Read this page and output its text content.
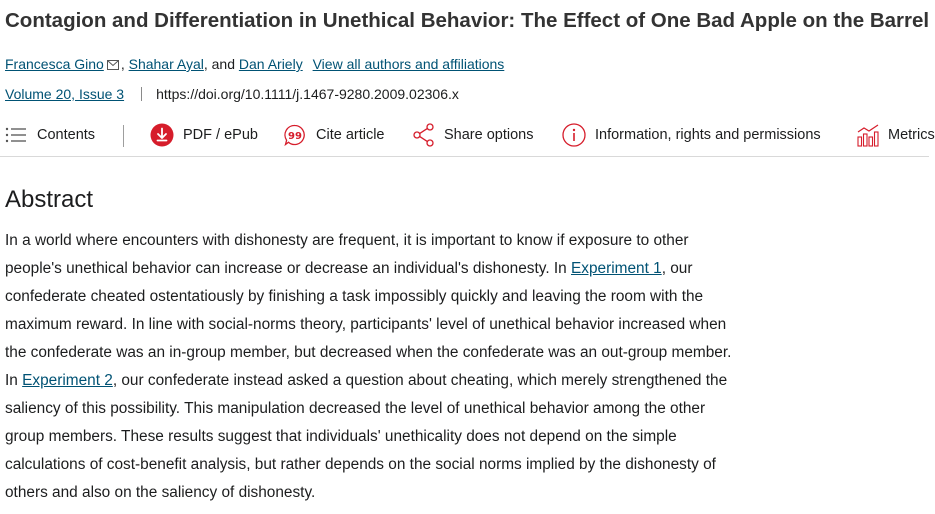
Contagion and Differentiation in Unethical Behavior: The Effect of One Bad Apple on the Barrel
Francesca Gino , Shahar Ayal, and Dan Ariely View all authors and affiliations
Volume 20, Issue 3 https://doi.org/10.1111/j.1467-9280.2009.02306.x
Contents	PDF / ePub	99 Cite article	Share options	Information, rights and permissions	Metrics
Abstract
In a world where encounters with dishonesty are frequent, it is important to know if exposure to other
people's unethical behavior can increase or decrease an individual's dishonesty. In Experiment 1, our
confederate cheated ostentatiously by finishing a task impossibly quickly and leaving the room with the
maximum reward. In line with social-norms theory, participants' level of unethical behavior increased when
the confederate was an in-group member, but decreased when the confederate was an out-group member.
In Experiment 2, our confederate instead asked a question about cheating, which merely strengthened the
saliency of this possibility. This manipulation decreased the level of unethical behavior among the other
group members. These results suggest that individuals' unethicality does not depend on the simple
calculations of cost-benefit analysis, but rather depends on the social norms implied by the dishonesty of
others and also on the saliency of dishonesty.
